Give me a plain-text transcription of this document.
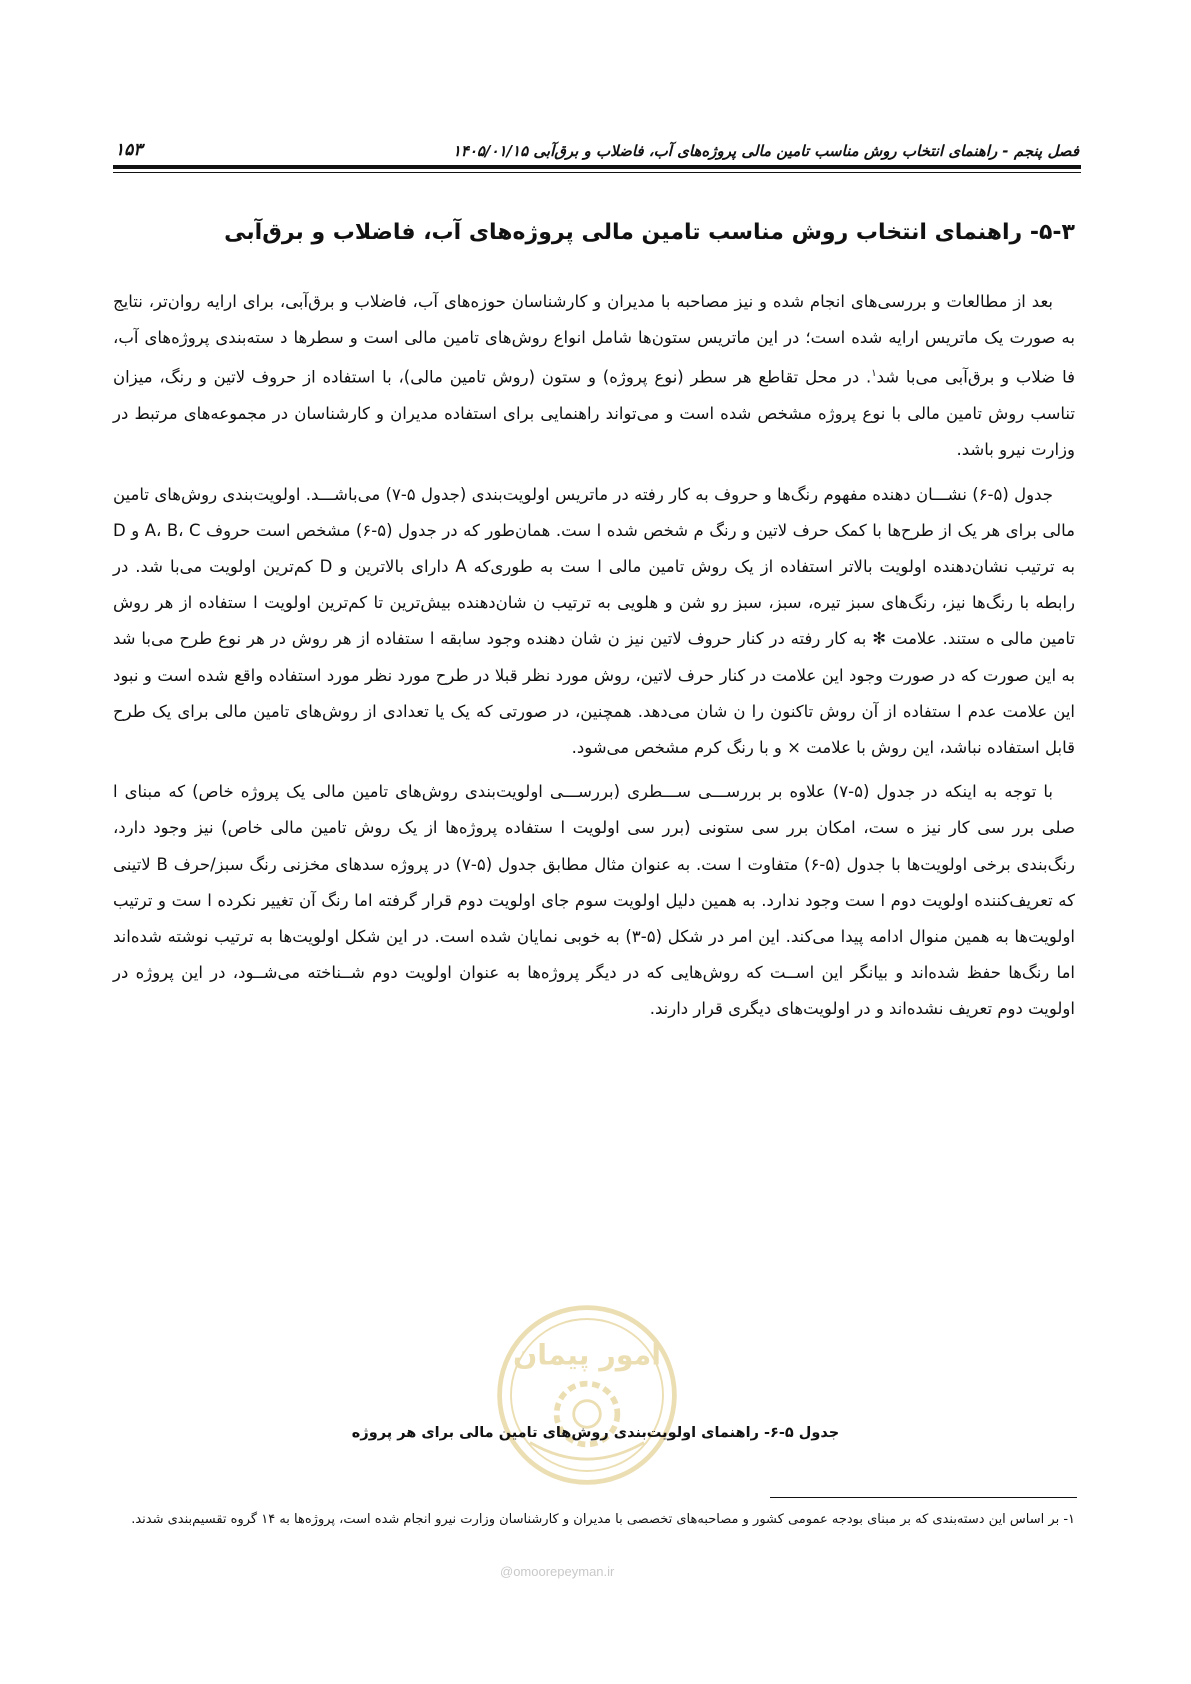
۱۵۳	فصل پنجم - راهنمای انتخاب روش مناسب تامین مالی پروژه‌های آب، فاضلاب و برق‌آبی ۱۴۰۵/۰۱/۱۵
۵-۳- راهنمای انتخاب روش مناسب تامین مالی پروژه‌های آب، فاضلاب و برق‌آبی

بعد از مطالعات و بررسی‌های انجام شده و نیز مصاحبه با مدیران و کارشناسان حوزه‌های آب، فاضلاب و برق‌آبی، برای ارایه روان‌تر، نتایج به صورت یک ماتریس ارایه شده است؛ در این ماتریس ستون‌ها شامل انواع روش‌های تامین مالی است و سطرها د سته‌بندی پروژه‌های آب، فا ضلاب و برق‌آبی می‌با شد$^۱$. در محل تقاطع هر سطر (نوع پروژه) و ستون (روش تامین مالی)، با استفاده از حروف لاتین و رنگ، میزان تناسب روش تامین مالی با نوع پروژه مشخص شده است و می‌تواند راهنمایی برای استفاده مدیران و کارشناسان در مجموعه‌های مرتبط در وزارت نیرو باشد.

جدول (۵-۶) نشـــان دهنده مفهوم رنگ‌ها و حروف به کار رفته در ماتریس اولویت‌بندی (جدول ۵-۷) می‌باشـــد. اولویت‌بندی روش‌های تامین مالی برای هر یک از طرح‌ها با کمک حرف لاتین و رنگ م شخص شده ا ست. همان‌طور که در جدول (۵-۶) مشخص است حروف A، B، C و D به ترتیب نشان‌دهنده اولویت بالاتر استفاده از یک روش تامین مالی ا ست به طوری‌که A دارای بالاترین و D کم‌ترین اولویت می‌با شد. در رابطه با رنگ‌ها نیز، رنگ‌های سبز تیره، سبز، سبز رو شن و هلویی به ترتیب ن شان‌دهنده بیش‌ترین تا کم‌ترین اولویت ا ستفاده از هر روش تامین مالی ه ستند. علامت ✻ به کار رفته در کنار حروف لاتین نیز ن شان دهنده وجود سابقه ا ستفاده از هر روش در هر نوع طرح می‌با شد به این صورت که در صورت وجود این علامت در کنار حرف لاتین، روش مورد نظر قبلا در طرح مورد نظر مورد استفاده واقع شده است و نبود این علامت عدم ا ستفاده از آن روش تاکنون را ن شان می‌دهد. همچنین، در صورتی که یک یا تعدادی از روش‌های تامین مالی برای یک طرح قابل استفاده نباشد، این روش با علامت × و با رنگ کرم مشخص می‌شود.

با توجه به اینکه در جدول (۵-۷) علاوه بر بررســـی ســـطری (بررســـی اولویت‌بندی روش‌های تامین مالی یک پروژه خاص) که مبنای ا صلی برر سی کار نیز ه ست، امکان برر سی ستونی (برر سی اولویت ا ستفاده پروژه‌ها از یک روش تامین مالی خاص) نیز وجود دارد، رنگ‌بندی برخی اولویت‌ها با جدول (۵-۶) متفاوت ا ست. به عنوان مثال مطابق جدول (۵-۷) در پروژه سدهای مخزنی رنگ سبز/حرف B لاتینی که تعریف‌کننده اولویت دوم ا ست وجود ندارد. به همین دلیل اولویت سوم جای اولویت دوم قرار گرفته اما رنگ آن تغییر نکرده ا ست و ترتیب اولویت‌ها به همین منوال ادامه پیدا می‌کند. این امر در شکل (۵-۳) به خوبی نمایان شده است. در این شکل اولویت‌ها به ترتیب نوشته شده‌اند اما رنگ‌ها حفظ شده‌اند و بیانگر این اســت که روش‌هایی که در دیگر پروژه‌ها به عنوان اولویت دوم شــناخته می‌شــود، در این پروژه در اولویت دوم تعریف نشده‌اند و در اولویت‌های دیگری قرار دارند.

امور پیمان

جدول ۵-۶- راهنمای اولویت‌بندی روش‌های تامین مالی برای هر پروژه

۱- بر اساس این دسته‌بندی که بر مبنای بودجه عمومی کشور و مصاحبه‌های تخصصی با مدیران و کارشناسان وزارت نیرو انجام شده است، پروژه‌ها به ۱۴ گروه تقسیم‌بندی شدند.

@omoorepeyman.ir
